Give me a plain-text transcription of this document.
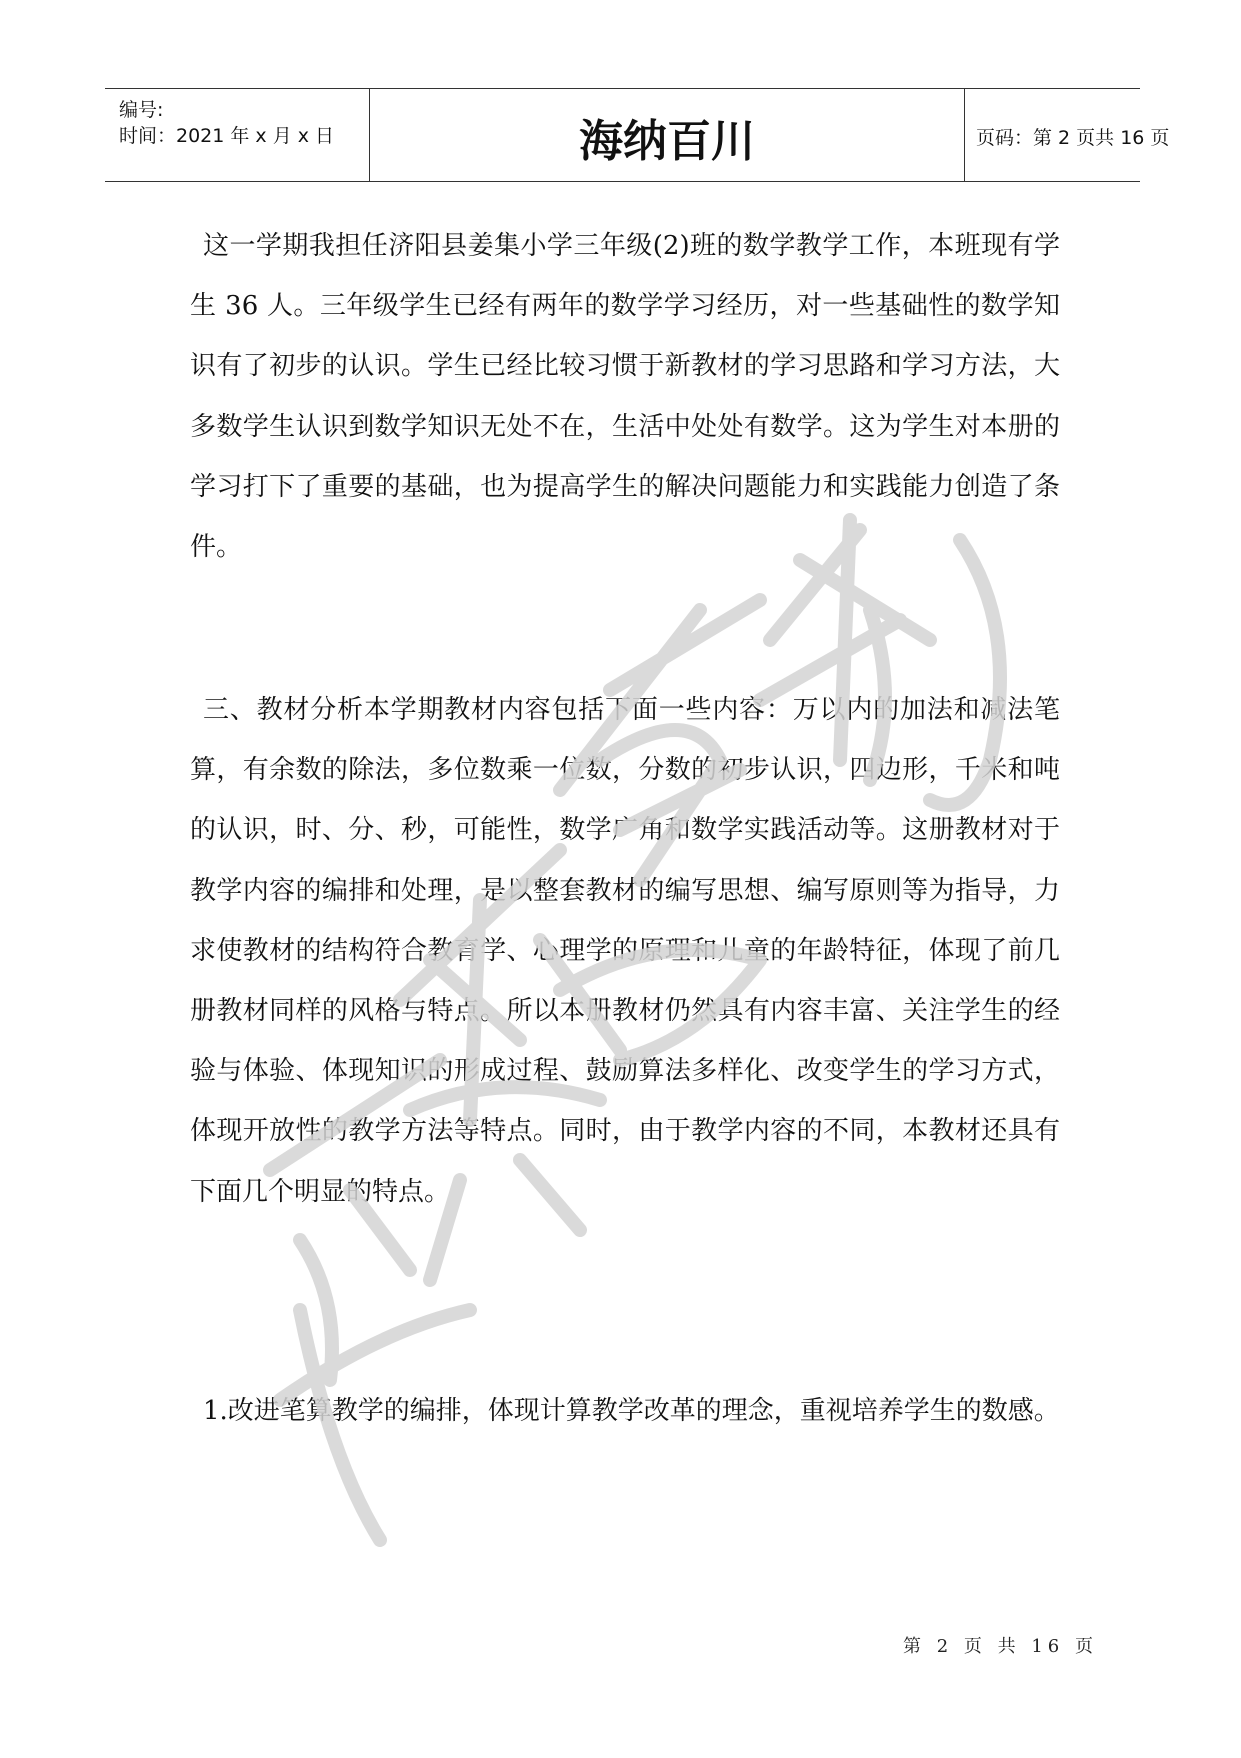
编号:
时间：2021 年 x 月 x 日	海纳百川	页码：第 2 页共 16 页

这一学期我担任济阳县姜集小学三年级(2)班的数学教学工作，本班现有学生 36 人。三年级学生已经有两年的数学学习经历，对一些基础性的数学知识有了初步的认识。学生已经比较习惯于新教材的学习思路和学习方法，大多数学生认识到数学知识无处不在，生活中处处有数学。这为学生对本册的学习打下了重要的基础，也为提高学生的解决问题能力和实践能力创造了条件。

三、教材分析本学期教材内容包括下面一些内容：万以内的加法和减法笔算，有余数的除法，多位数乘一位数，分数的初步认识，四边形，千米和吨的认识，时、分、秒，可能性，数学广角和数学实践活动等。这册教材对于教学内容的编排和处理，是以整套教材的编写思想、编写原则等为指导，力求使教材的结构符合教育学、心理学的原理和儿童的年龄特征，体现了前几册教材同样的风格与特点。所以本册教材仍然具有内容丰富、关注学生的经验与体验、体现知识的形成过程、鼓励算法多样化、改变学生的学习方式，体现开放性的教学方法等特点。同时，由于教学内容的不同，本教材还具有下面几个明显的特点。

1.改进笔算教学的编排，体现计算教学改革的理念，重视培养学生的数感。

第 2 页 共 16 页
